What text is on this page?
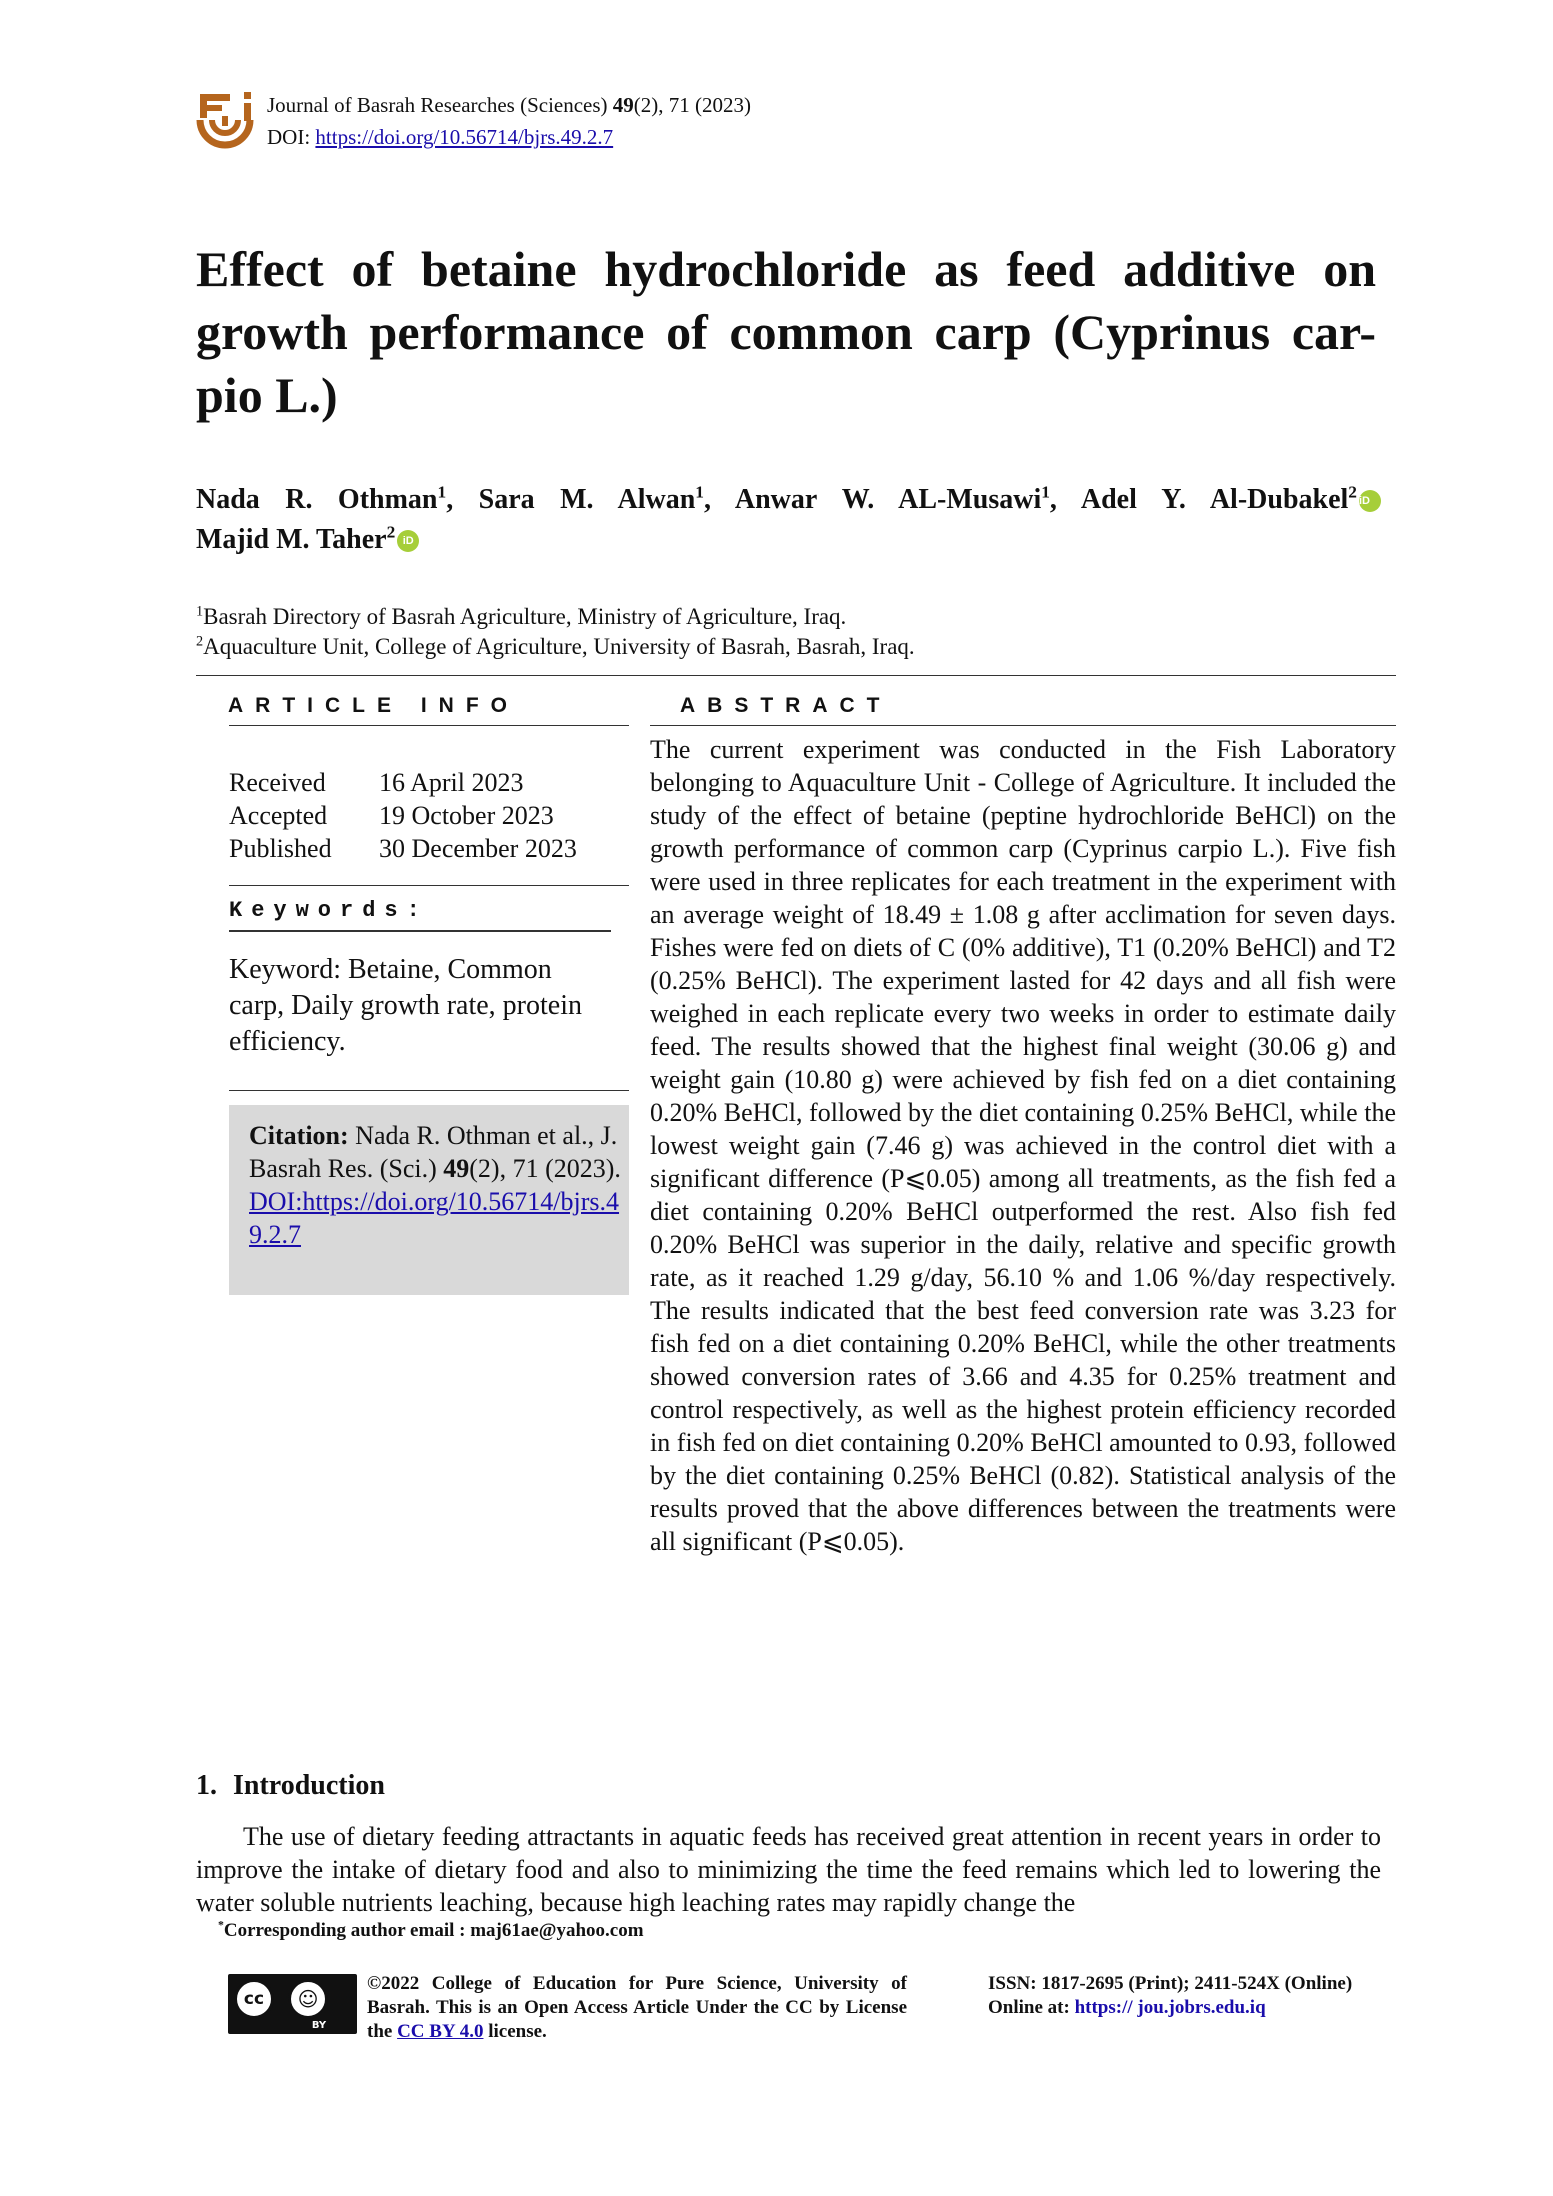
Journal of Basrah Researches (Sciences) 49(2), 71 (2023)
DOI: https://doi.org/10.56714/bjrs.49.2.7
Effect of betaine hydrochloride as feed additive on
growth performance of common carp (Cyprinus car-
pio L.)
Nada R. Othman$^1$, Sara M. Alwan$^1$, Anwar W. AL-Musawi$^1$, Adel Y. Al-Dubakel$^2$ iD
Majid M. Taher$^2$ iD
$^1$Basrah Directory of Basrah Agriculture, Ministry of Agriculture, Iraq.
$^2$Aquaculture Unit, College of Agriculture, University of Basrah, Basrah, Iraq.
ARTICLE INFO
Received	16 April 2023
Accepted	19 October 2023
Published	30 December 2023
Keywords:
Keyword: Betaine, Common carp, Daily growth rate, protein efficiency.
Citation: Nada R. Othman et al., J. Basrah Res. (Sci.) 49(2), 71 (2023).
DOI:https://doi.org/10.56714/bjrs.49.2.7
ABSTRACT

The current experiment was conducted in the Fish Laboratory belonging to Aquaculture Unit - College of Agriculture. It included the study of the effect of betaine (peptine hydrochloride BeHCl) on the growth performance of common carp (Cyprinus carpio L.). Five fish were used in three replicates for each treatment in the experiment with an average weight of 18.49 ± 1.08 g after acclimation for seven days. Fishes were fed on diets of C (0% additive), T1 (0.20% BeHCl) and T2 (0.25% BeHCl). The experiment lasted for 42 days and all fish were weighed in each replicate every two weeks in order to estimate daily feed. The results showed that the highest final weight (30.06 g) and weight gain (10.80 g) were achieved by fish fed on a diet containing 0.20% BeHCl, followed by the diet containing 0.25% BeHCl, while the lowest weight gain (7.46 g) was achieved in the control diet with a significant difference (P⩽0.05) among all treatments, as the fish fed a diet containing 0.20% BeHCl outperformed the rest. Also fish fed 0.20% BeHCl was superior in the daily, relative and specific growth rate, as it reached 1.29 g/day, 56.10 % and 1.06 %/day respectively. The results indicated that the best feed conversion rate was 3.23 for fish fed on a diet containing 0.20% BeHCl, while the other treatments showed conversion rates of 3.66 and 4.35 for 0.25% treatment and control respectively, as well as the highest protein efficiency recorded in fish fed on diet containing 0.20% BeHCl amounted to 0.93, followed by the diet containing 0.25% BeHCl (0.82). Statistical analysis of the results proved that the above differences between the treatments were all significant (P⩽0.05).

1. Introduction

The use of dietary feeding attractants in aquatic feeds has received great attention in recent years in order to improve the intake of dietary food and also to minimizing the time the feed remains which led to lowering the water soluble nutrients leaching, because high leaching rates may rapidly change the

*Corresponding author email : maj61ae@yahoo.com
cc	☺
BY
©2022 College of Education for Pure Science, University of Basrah. This is an Open Access Article Under the CC by License the CC BY 4.0 license.
ISSN: 1817-2695 (Print); 2411-524X (Online)
Online at: https:// jou.jobrs.edu.iq
